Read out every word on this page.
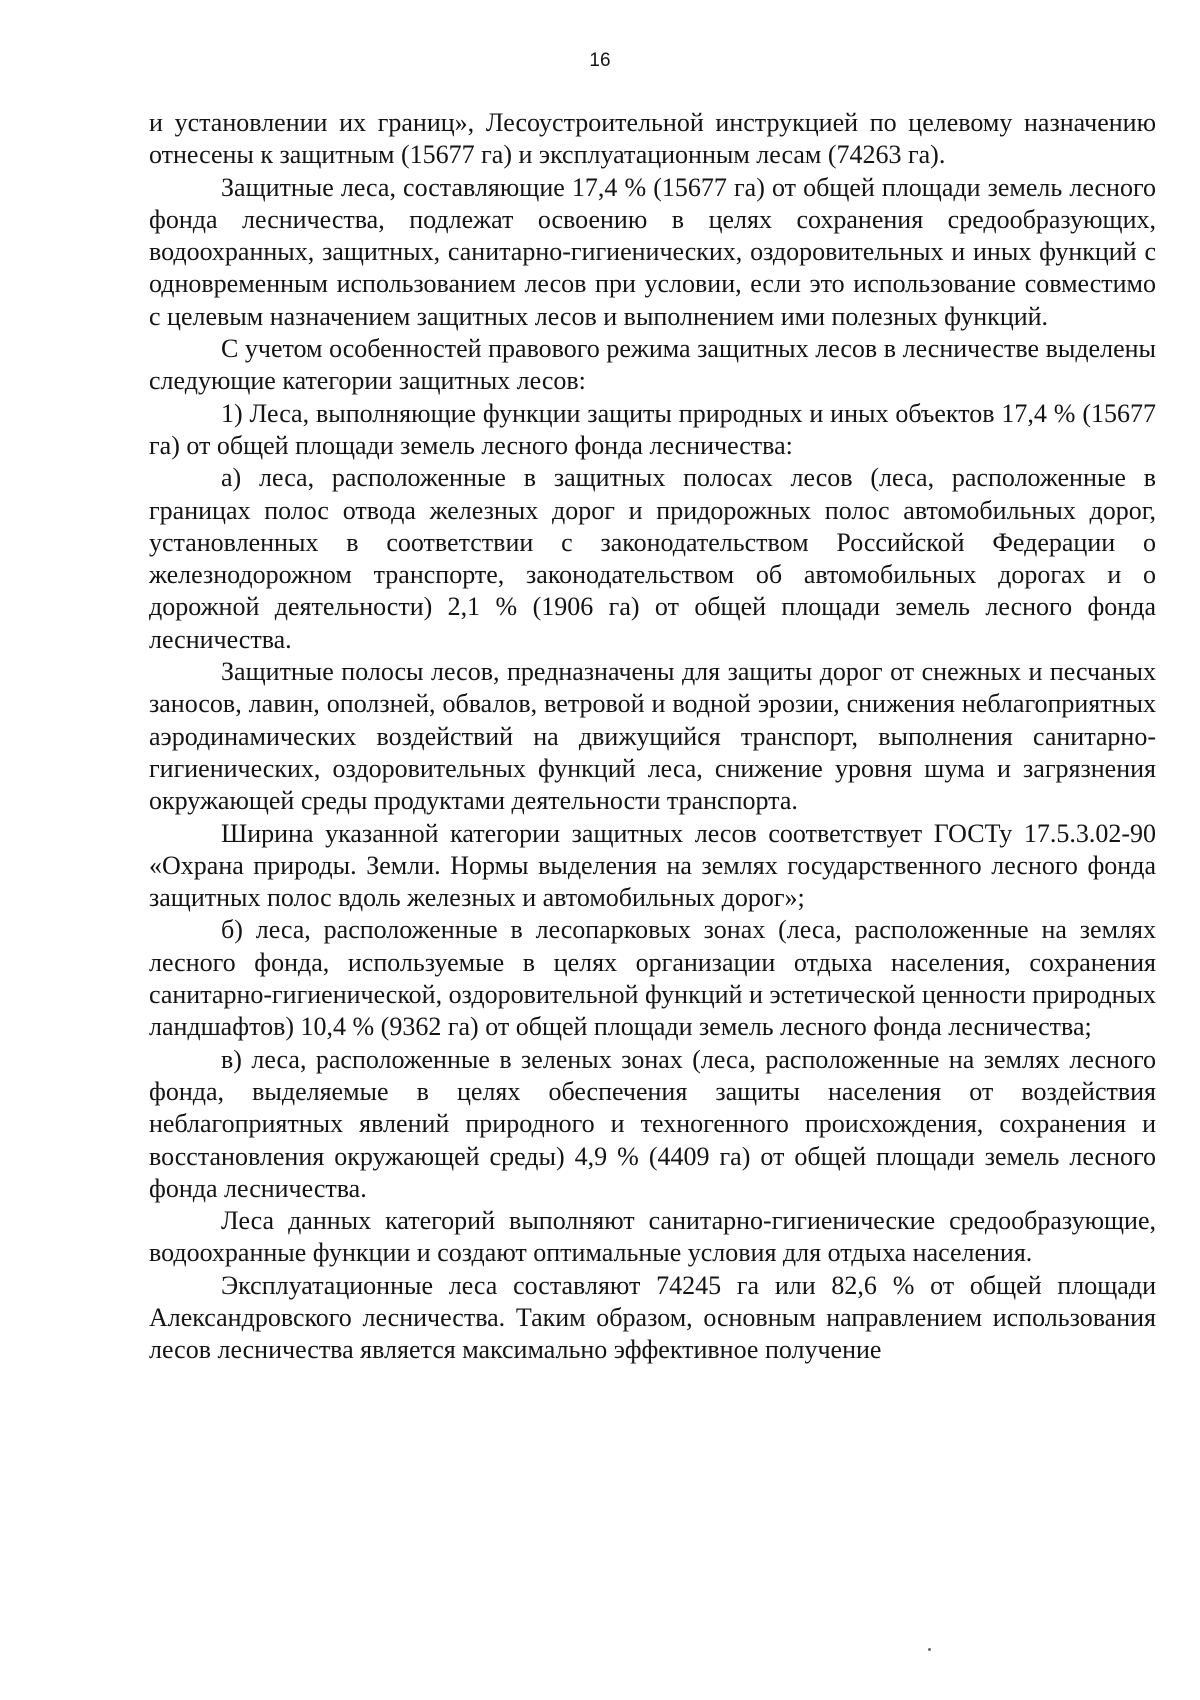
16

и установлении их границ», Лесоустроительной инструкцией по целевому назначению отнесены к защитным (15677 га) и эксплуатационным лесам (74263 га).

Защитные леса, составляющие 17,4 % (15677 га) от общей площади земель лесного фонда лесничества, подлежат освоению в целях сохранения средообразующих, водоохранных, защитных, санитарно-гигиенических, оздоровительных и иных функций с одновременным использованием лесов при условии, если это использование совместимо с целевым назначением защитных лесов и выполнением ими полезных функций.

С учетом особенностей правового режима защитных лесов в лесничестве выделены следующие категории защитных лесов:

1) Леса, выполняющие функции защиты природных и иных объектов 17,4 % (15677 га) от общей площади земель лесного фонда лесничества:

а) леса, расположенные в защитных полосах лесов (леса, расположенные в границах полос отвода железных дорог и придорожных полос автомобильных дорог, установленных в соответствии с законодательством Российской Федерации о железнодорожном транспорте, законодательством об автомобильных дорогах и о дорожной деятельности) 2,1 % (1906 га) от общей площади земель лесного фонда лесничества.

Защитные полосы лесов, предназначены для защиты дорог от снежных и песчаных заносов, лавин, оползней, обвалов, ветровой и водной эрозии, снижения неблагоприятных аэродинамических воздействий на движущийся транспорт, выполнения санитарно-гигиенических, оздоровительных функций леса, снижение уровня шума и загрязнения окружающей среды продуктами деятельности транспорта.

Ширина указанной категории защитных лесов соответствует ГОСТу 17.5.3.02-90 «Охрана природы. Земли. Нормы выделения на землях государственного лесного фонда защитных полос вдоль железных и автомобильных дорог»;

б) леса, расположенные в лесопарковых зонах (леса, расположенные на землях лесного фонда, используемые в целях организации отдыха населения, сохранения санитарно-гигиенической, оздоровительной функций и эстетической ценности природных ландшафтов) 10,4 % (9362 га) от общей площади земель лесного фонда лесничества;

в) леса, расположенные в зеленых зонах (леса, расположенные на землях лесного фонда, выделяемые в целях обеспечения защиты населения от воздействия неблагоприятных явлений природного и техногенного происхождения, сохранения и восстановления окружающей среды) 4,9 % (4409 га) от общей площади земель лесного фонда лесничества.

Леса данных категорий выполняют санитарно-гигиенические средообразующие, водоохранные функции и создают оптимальные условия для отдыха населения.

Эксплуатационные леса составляют 74245 га или 82,6 % от общей площади Александровского лесничества. Таким образом, основным направлением использования лесов лесничества является максимально эффективное получение
